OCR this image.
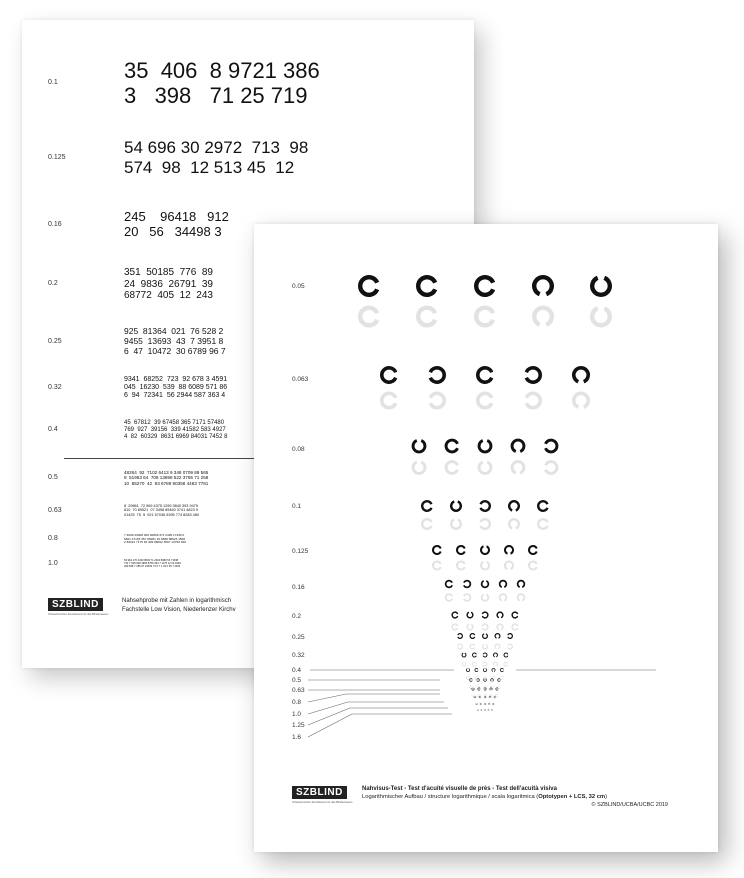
0.1	35  406  8 9721 386
3   398   71 25 719
0.125
54 696 30 2972  713  98
574  98  12 513 45  12
0.16
245    96418   912
20   56   34498 3
0.2
351  50185  776  89
24  9836  26791  39
68772  405  12  243
0.25
925  81364  021  76 528 2
9455  13693  43  7 3951 8
6  47  10472  30 6789 96 7
0.32
9341  68252  723  92 678 3 4591
045  16230  539  88 6089 571 86
6  94  72341  56 2944 587 363 4
0.4
45  67812  39 67458 365 7171 57480
769  927  39156  339 41582 583 4927
4  82  60329  8631 6969 84031 7452 8
0.5
48264  92  7102 6413 9 348 0709 89 565
9  51963 64  708 13698 522 3765 71 258
10  85270  42  93 6789 90358 4463 7781
0.63
8  29661  72 969 4375 1299 3840 393 9475
810  70 89521  07 3498 89460 3741 4823 9
01425  75  5  921 67036 5395 774 8283 480
0.8
7 4009 23008 309 30869 371 2495 17430 0
6601 47193 357 85281 10 8838 88623 1566
2 83012 7175 93 309 86062 3597 13756 466
1.0	53 964 170 4430 8093 71 2004 8089 53 71538
731 7 548 939 3984 8756 394 7 1175 12 03 9493
369 848 7 185 97 34539 74 9 7 1 33 0 35 7 2453
SZBLIND
Schweizerischer Zentralverein für das Blindenwesen
Nahsehprobe mit Zahlen in logarithmisch
Fachstelle Low Vision, Niederlenzer Kirchv
0.05
0.063
0.08
0.1
0.125
0.16
0.2
0.25
0.32
0.4
0.5
0.63
0.8
1.0
1.25
1.6
SZBLIND
Schweizerischer Zentralverein für das Blindenwesen
Nahvisus-Test - Test d'acuité visuelle de près - Test dell'acuità visiva
Logarithmischer Aufbau / structure logarithmique / scala logaritmica (Optotypen + LCS, 32 cm)
© SZBLIND/UCBA/UCBC 2019
